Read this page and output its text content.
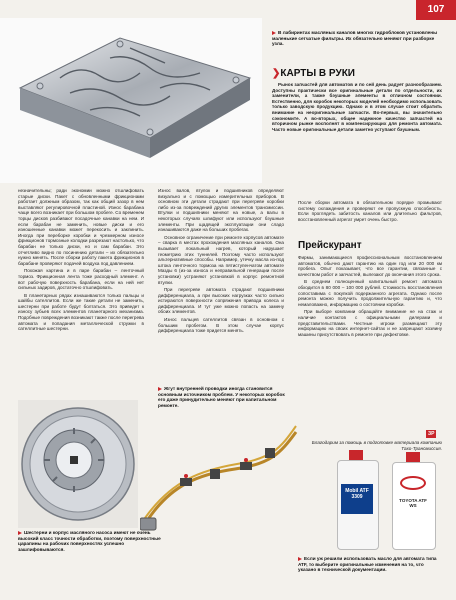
107
В лабиринтах масляных каналов многих гидроблоков установлены маленькие сетчатые фильтры. Их обязательно меняют при разборке узла.
❯КАРТЫ В РУКИ

Рынок запчастей для автоматов и по сей день радует разнообразием. Доступны практически все оригинальные детали по отдельности, их заменители, а также бэушные элементы в отличном состоянии. Естественно, для коробок некоторых моделей необходимо использовать только заводскую продукцию. Однако и в этом случае стоит обратить внимание на неоригинальные запчасти. Во-первых, вы значительно сэкономите. А во-вторых, общее надежное качество запчастей на вторичном рынке восполнят в компенсирующих для ремонта автомата. Часто новые оригинальные детали заметно уступают бэушным.

незначительны; ради экономии можно отшлифовать старые диски. Пакет с обновленными фрикционами работает должным образом, так как общий зазор в нем выставляют регулировочной пластиной. Износ барабана чаще всего возникает при большом пробеге. Со временем торцы дисков разбивают посадочные канавки на нем. И если барабан не заменить, новые диски и его изношенные канавки может перекосить и заклинить. Иногда при переборке коробки и чрезмерном износе фрикционов тормозные колодки разрезают настолько, что барабан не только диски, но и сам барабан. Это отчетливо видно по посинению детали – их обязательно нужно менять. После сборки работу пакета фрикционов в барабане проверяют подачей воздуха под давлением.

Похожая картина и в паре барабан – ленточный тормоз. Фрикционная лента тоже расходный элемент. А вот рабочую поверхность барабана, если на ней нет сильных задиров, достаточно отшлифовать.

В планетарных рядах изнашиваются только пальцы и шайбы сателлитов. Если же такие детали не заменить, шестерни при работе будут болтаться. Это приведет к износу зубьев всех элементов планетарного механизма. Подобные повреждения возникают также после перегрева автомата и попадания металлической стружки в сателлитные шестерни.

Износ валов, втулок и подшипников определяют визуально и с помощью измерительных приборов. В основном эти детали страдают при перегреве коробки либо из-за повреждений других элементов трансмиссии. Втулки и подшипники меняют на новые, а валы в некоторых случаях шлифуют или используют бэушные элементы. При щадящей эксплуатации они сладо изнашиваются даже на больших пробегах.

Основное ограничение при ремонте корпусов автомате – сварка в местах прохождения масляных каналов. Она вызывает локальный нагрев, который нарушает геометрию этих туннелей. Поэтому часто используют альтернативные способы. Например, утечку масла из-под штока ленточного тормоза на пятиступенчатом автомате Мазды 6 (из-за износа и неправильной генерации после установки) устраняют установкой в корпус ремонтной втулки.

При перегреве автомата страдают подшипники дифференциала, а при высоких нагрузках часто сильно истираются поверхности сопряжения привода колеса и дифференциала. И тут уже можно попасть на замену обоих элементов.

Износ пальцев сателлитов связан в основном с большим пробегом. В этом случае корпус дифференциала тоже придется менять.

После сборки автомата в обязательном порядке промывают систему охлаждения и проверяют ее пропускную способность. Если проглядеть забитость каналов или длительно фильтров, восстановленный агрегат умрет очень быстро.

Прейскурант

Фирмы, занимающиеся профессиональным восстановлением автоматов, обычно дают гарантию на один год или 20 000 км пробега. Опыт показывает, что все гарантии, связанные с качеством работ и запчастей, вылезают до окончания этого срока.

В среднем полноценный капитальный ремонт автомата обходится в 80 000 – 100 000 рублей. Стоимость восстановления сопоставима с покупкой подержанного агрегата. Однако после ремонта можно получить продолжительную гарантию и, что немаловажно, информацию о состоянии коробки.

При выборе компании обращайте внимание не на стаж и наличие контактов с официальными дилерами и представительствами. Честные игроки размещают эту информацию на своих интернет-сайтах и не запрещают хозяину машины присутствовать в ремонте при дефектовке.

ЗР

Благодарим за помощь в подготовке материала компанию Тахо-Трансмиссия.

Жгут внутренней проводки иногда становится основным источником проблем. У некоторых коробок его даже принудительно меняют при капитальном ремонте.
Mobil ATF 3309
TOYOTA ATF WS
Шестерни и корпус масляного насоса имеют не очень высокий класс точности обработки, поэтому поверхностные царапины на рабочих поверхностях успешно зашлифовываются.
Если уж решили использовать масло для автомата типа ATF, то выберите оригинальные изменения на то, что указано в технической документации.
